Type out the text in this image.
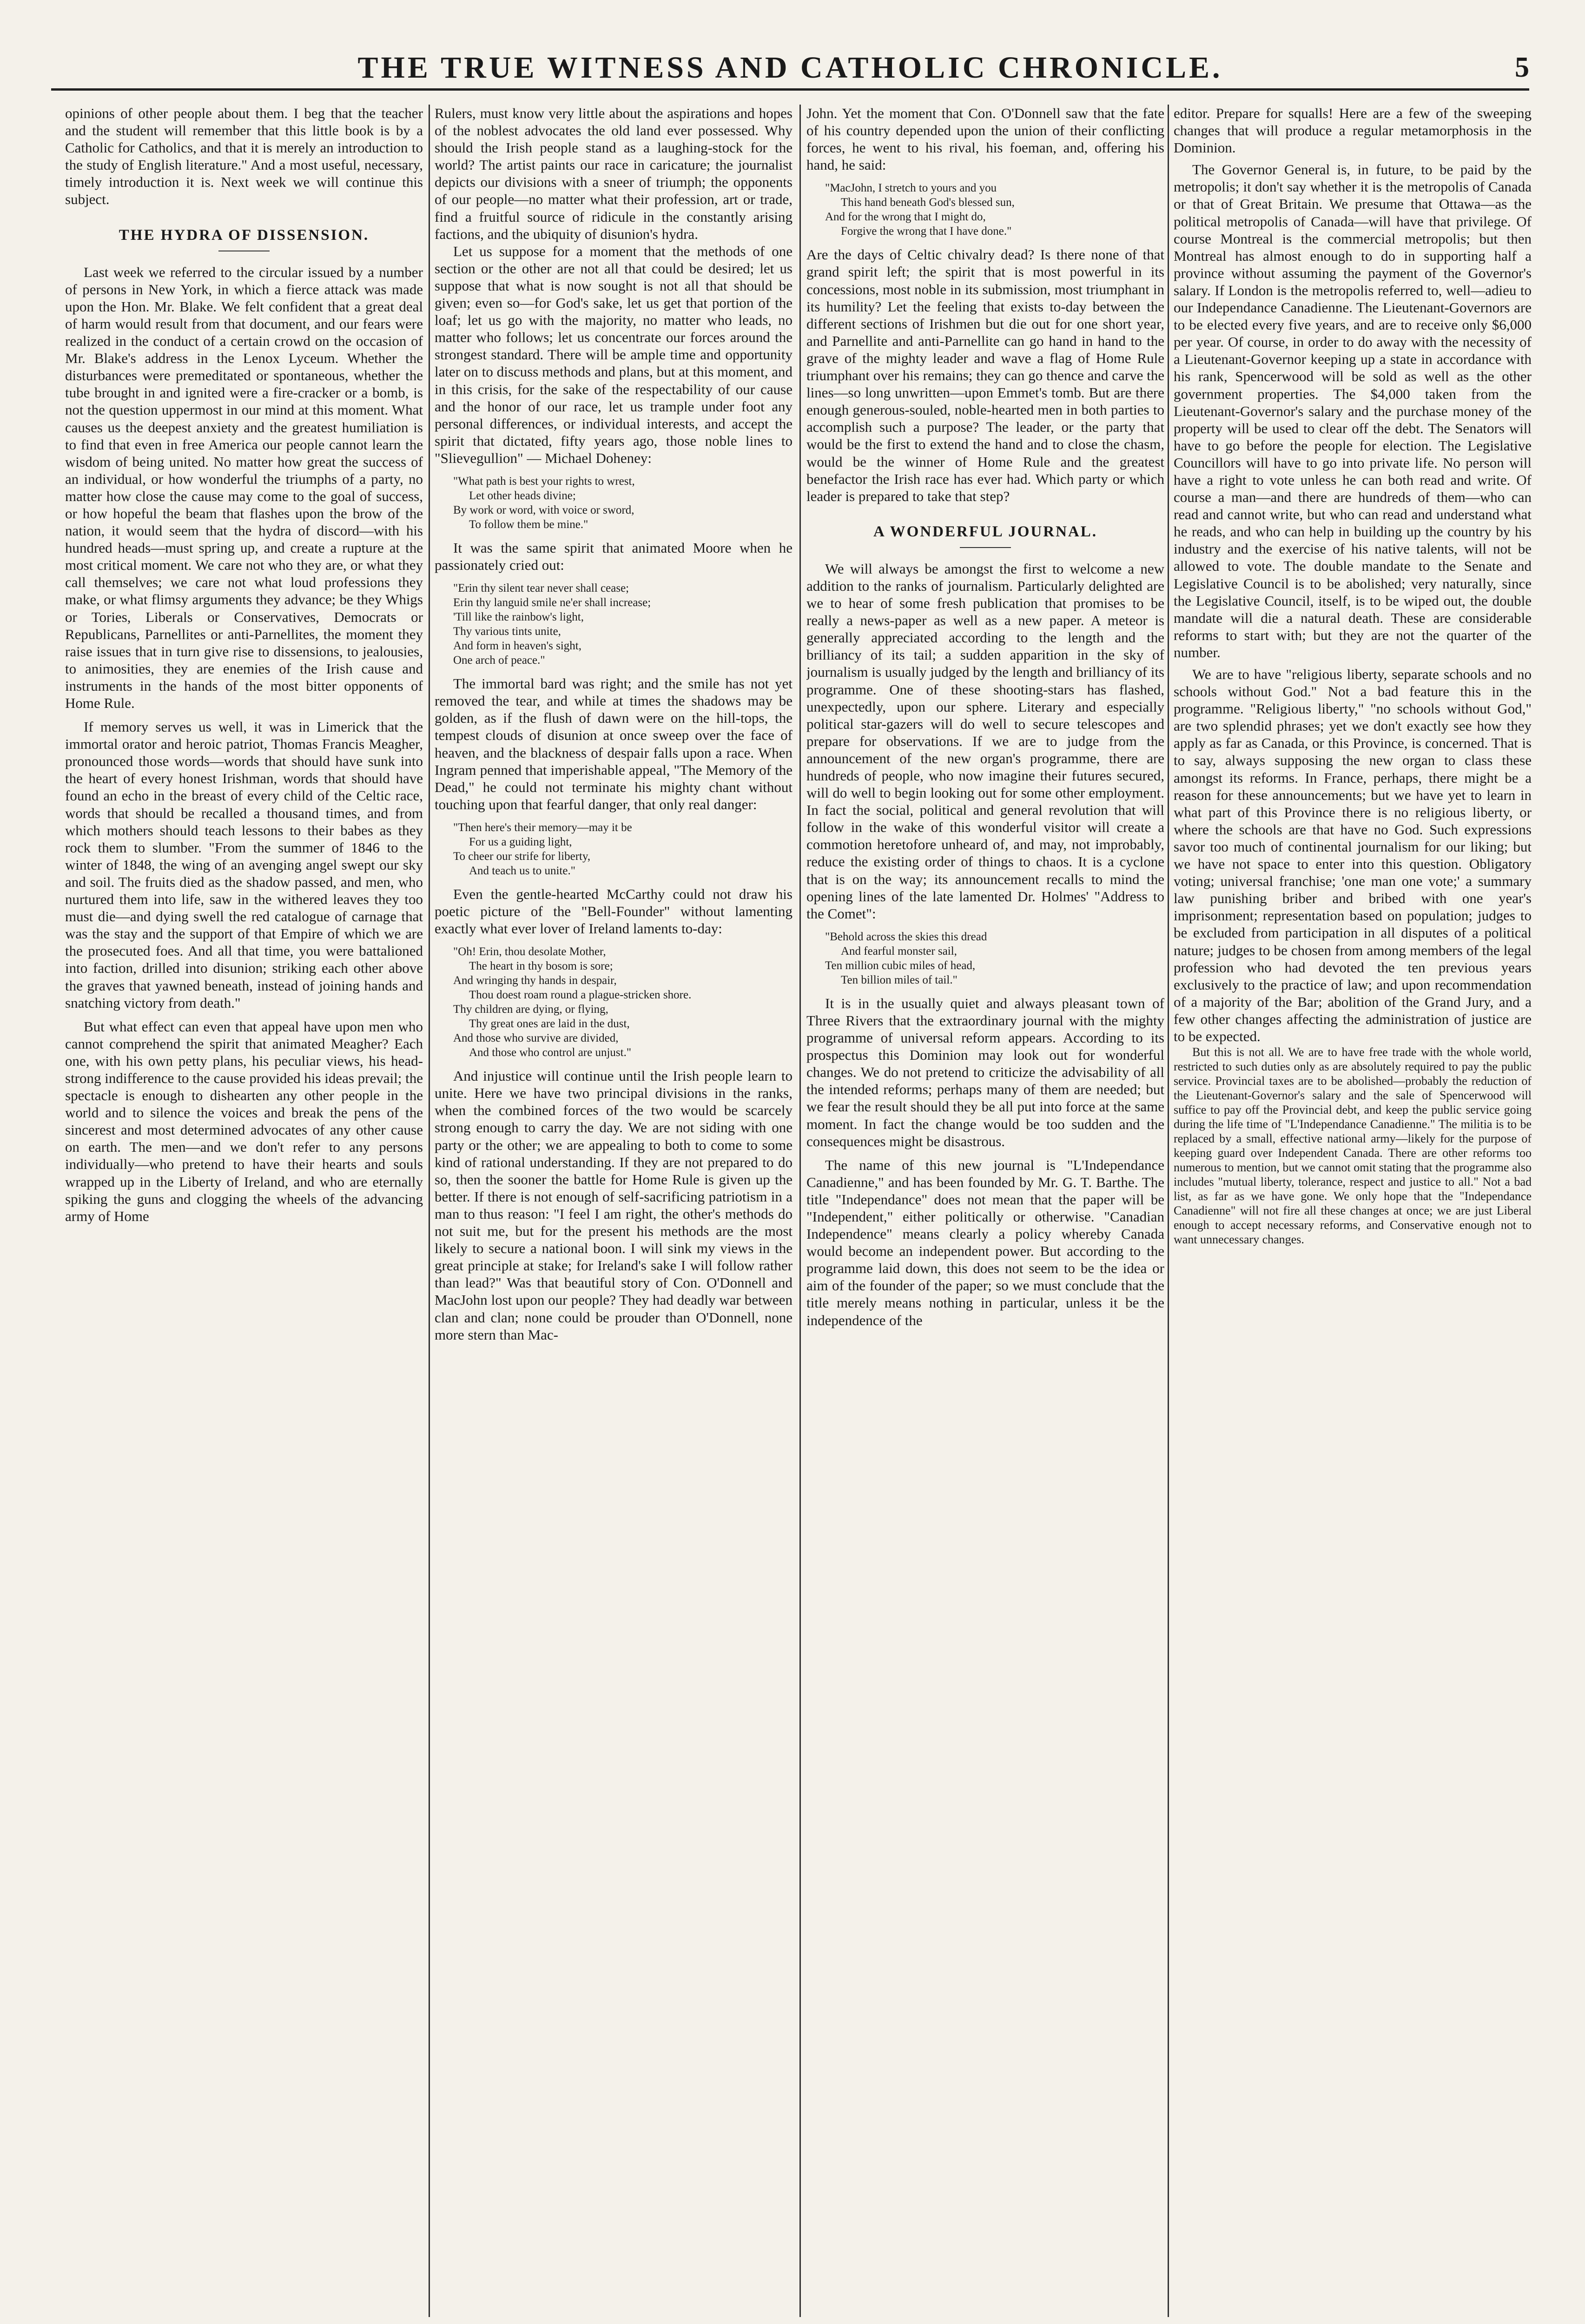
THE TRUE WITNESS AND CATHOLIC CHRONICLE.	5

opinions of other people about them. I beg that the teacher and the student will remember that this little book is by a Catholic for Catholics, and that it is merely an introduction to the study of English literature." And a most useful, necessary, timely introduction it is. Next week we will continue this subject.

THE HYDRA OF DISSENSION.

Last week we referred to the circular issued by a number of persons in New York, in which a fierce attack was made upon the Hon. Mr. Blake. We felt confident that a great deal of harm would result from that document, and our fears were realized in the conduct of a certain crowd on the occasion of Mr. Blake's address in the Lenox Lyceum. Whether the disturbances were premeditated or spontaneous, whether the tube brought in and ignited were a fire-cracker or a bomb, is not the question uppermost in our mind at this moment. What causes us the deepest anxiety and the greatest humiliation is to find that even in free America our people cannot learn the wisdom of being united. No matter how great the success of an individual, or how wonderful the triumphs of a party, no matter how close the cause may come to the goal of success, or how hopeful the beam that flashes upon the brow of the nation, it would seem that the hydra of discord—with his hundred heads—must spring up, and create a rupture at the most critical moment. We care not who they are, or what they call themselves; we care not what loud professions they make, or what flimsy arguments they advance; be they Whigs or Tories, Liberals or Conservatives, Democrats or Republicans, Parnellites or anti-Parnellites, the moment they raise issues that in turn give rise to dissensions, to jealousies, to animosities, they are enemies of the Irish cause and instruments in the hands of the most bitter opponents of Home Rule.

If memory serves us well, it was in Limerick that the immortal orator and heroic patriot, Thomas Francis Meagher, pronounced those words—words that should have sunk into the heart of every honest Irishman, words that should have found an echo in the breast of every child of the Celtic race, words that should be recalled a thousand times, and from which mothers should teach lessons to their babes as they rock them to slumber. "From the summer of 1846 to the winter of 1848, the wing of an avenging angel swept our sky and soil. The fruits died as the shadow passed, and men, who nurtured them into life, saw in the withered leaves they too must die—and dying swell the red catalogue of carnage that was the stay and the support of that Empire of which we are the prosecuted foes. And all that time, you were battalioned into faction, drilled into disunion; striking each other above the graves that yawned beneath, instead of joining hands and snatching victory from death."

But what effect can even that appeal have upon men who cannot comprehend the spirit that animated Meagher? Each one, with his own petty plans, his peculiar views, his head-strong indifference to the cause provided his ideas prevail; the spectacle is enough to dishearten any other people in the world and to silence the voices and break the pens of the sincerest and most determined advocates of any other cause on earth. The men—and we don't refer to any persons individually—who pretend to have their hearts and souls wrapped up in the Liberty of Ireland, and who are eternally spiking the guns and clogging the wheels of the advancing army of Home

Rulers, must know very little about the aspirations and hopes of the noblest advocates the old land ever possessed. Why should the Irish people stand as a laughing-stock for the world? The artist paints our race in caricature; the journalist depicts our divisions with a sneer of triumph; the opponents of our people—no matter what their profession, art or trade, find a fruitful source of ridicule in the constantly arising factions, and the ubiquity of disunion's hydra.

Let us suppose for a moment that the methods of one section or the other are not all that could be desired; let us suppose that what is now sought is not all that should be given; even so—for God's sake, let us get that portion of the loaf; let us go with the majority, no matter who leads, no matter who follows; let us concentrate our forces around the strongest standard. There will be ample time and opportunity later on to discuss methods and plans, but at this moment, and in this crisis, for the sake of the respectability of our cause and the honor of our race, let us trample under foot any personal differences, or individual interests, and accept the spirit that dictated, fifty years ago, those noble lines to "Slievegullion" — Michael Doheney:

"What path is best your rights to wrest,
Let other heads divine;
By work or word, with voice or sword,
To follow them be mine."

It was the same spirit that animated Moore when he passionately cried out:

"Erin thy silent tear never shall cease;
Erin thy languid smile ne'er shall increase;
'Till like the rainbow's light,
Thy various tints unite,
And form in heaven's sight,
One arch of peace."

The immortal bard was right; and the smile has not yet removed the tear, and while at times the shadows may be golden, as if the flush of dawn were on the hill-tops, the tempest clouds of disunion at once sweep over the face of heaven, and the blackness of despair falls upon a race. When Ingram penned that imperishable appeal, "The Memory of the Dead," he could not terminate his mighty chant without touching upon that fearful danger, that only real danger:

"Then here's their memory—may it be
For us a guiding light,
To cheer our strife for liberty,
And teach us to unite."

Even the gentle-hearted McCarthy could not draw his poetic picture of the "Bell-Founder" without lamenting exactly what ever lover of Ireland laments to-day:

"Oh! Erin, thou desolate Mother,
The heart in thy bosom is sore;
And wringing thy hands in despair,
Thou doest roam round a plague-stricken shore.
Thy children are dying, or flying,
Thy great ones are laid in the dust,
And those who survive are divided,
And those who control are unjust."

And injustice will continue until the Irish people learn to unite. Here we have two principal divisions in the ranks, when the combined forces of the two would be scarcely strong enough to carry the day. We are not siding with one party or the other; we are appealing to both to come to some kind of rational understanding. If they are not prepared to do so, then the sooner the battle for Home Rule is given up the better. If there is not enough of self-sacrificing patriotism in a man to thus reason: "I feel I am right, the other's methods do not suit me, but for the present his methods are the most likely to secure a national boon. I will sink my views in the great principle at stake; for Ireland's sake I will follow rather than lead?" Was that beautiful story of Con. O'Donnell and MacJohn lost upon our people? They had deadly war between clan and clan; none could be prouder than O'Donnell, none more stern than Mac-

John. Yet the moment that Con. O'Donnell saw that the fate of his country depended upon the union of their conflicting forces, he went to his rival, his foeman, and, offering his hand, he said:

"MacJohn, I stretch to yours and you
This hand beneath God's blessed sun,
And for the wrong that I might do,
Forgive the wrong that I have done."

Are the days of Celtic chivalry dead? Is there none of that grand spirit left; the spirit that is most powerful in its concessions, most noble in its submission, most triumphant in its humility? Let the feeling that exists to-day between the different sections of Irishmen but die out for one short year, and Parnellite and anti-Parnellite can go hand in hand to the grave of the mighty leader and wave a flag of Home Rule triumphant over his remains; they can go thence and carve the lines—so long unwritten—upon Emmet's tomb. But are there enough generous-souled, noble-hearted men in both parties to accomplish such a purpose? The leader, or the party that would be the first to extend the hand and to close the chasm, would be the winner of Home Rule and the greatest benefactor the Irish race has ever had. Which party or which leader is prepared to take that step?

A WONDERFUL JOURNAL.

We will always be amongst the first to welcome a new addition to the ranks of journalism. Particularly delighted are we to hear of some fresh publication that promises to be really a news-paper as well as a new paper. A meteor is generally appreciated according to the length and the brilliancy of its tail; a sudden apparition in the sky of journalism is usually judged by the length and brilliancy of its programme. One of these shooting-stars has flashed, unexpectedly, upon our sphere. Literary and especially political star-gazers will do well to secure telescopes and prepare for observations. If we are to judge from the announcement of the new organ's programme, there are hundreds of people, who now imagine their futures secured, will do well to begin looking out for some other employment. In fact the social, political and general revolution that will follow in the wake of this wonderful visitor will create a commotion heretofore unheard of, and may, not improbably, reduce the existing order of things to chaos. It is a cyclone that is on the way; its announcement recalls to mind the opening lines of the late lamented Dr. Holmes' "Address to the Comet":

"Behold across the skies this dread
And fearful monster sail,
Ten million cubic miles of head,
Ten billion miles of tail."

It is in the usually quiet and always pleasant town of Three Rivers that the extraordinary journal with the mighty programme of universal reform appears. According to its prospectus this Dominion may look out for wonderful changes. We do not pretend to criticize the advisability of all the intended reforms; perhaps many of them are needed; but we fear the result should they be all put into force at the same moment. In fact the change would be too sudden and the consequences might be disastrous.

The name of this new journal is "L'Independance Canadienne," and has been founded by Mr. G. T. Barthe. The title "Independance" does not mean that the paper will be "Independent," either politically or otherwise. "Canadian Independence" means clearly a policy whereby Canada would become an independent power. But according to the programme laid down, this does not seem to be the idea or aim of the founder of the paper; so we must conclude that the title merely means nothing in particular, unless it be the independence of the

editor. Prepare for squalls! Here are a few of the sweeping changes that will produce a regular metamorphosis in the Dominion.

The Governor General is, in future, to be paid by the metropolis; it don't say whether it is the metropolis of Canada or that of Great Britain. We presume that Ottawa—as the political metropolis of Canada—will have that privilege. Of course Montreal is the commercial metropolis; but then Montreal has almost enough to do in supporting half a province without assuming the payment of the Governor's salary. If London is the metropolis referred to, well—adieu to our Independance Canadienne. The Lieutenant-Governors are to be elected every five years, and are to receive only $6,000 per year. Of course, in order to do away with the necessity of a Lieutenant-Governor keeping up a state in accordance with his rank, Spencerwood will be sold as well as the other government properties. The $4,000 taken from the Lieutenant-Governor's salary and the purchase money of the property will be used to clear off the debt. The Senators will have to go before the people for election. The Legislative Councillors will have to go into private life. No person will have a right to vote unless he can both read and write. Of course a man—and there are hundreds of them—who can read and cannot write, but who can read and understand what he reads, and who can help in building up the country by his industry and the exercise of his native talents, will not be allowed to vote. The double mandate to the Senate and Legislative Council is to be abolished; very naturally, since the Legislative Council, itself, is to be wiped out, the double mandate will die a natural death. These are considerable reforms to start with; but they are not the quarter of the number.

We are to have "religious liberty, separate schools and no schools without God." Not a bad feature this in the programme. "Religious liberty," "no schools without God," are two splendid phrases; yet we don't exactly see how they apply as far as Canada, or this Province, is concerned. That is to say, always supposing the new organ to class these amongst its reforms. In France, perhaps, there might be a reason for these announcements; but we have yet to learn in what part of this Province there is no religious liberty, or where the schools are that have no God. Such expressions savor too much of continental journalism for our liking; but we have not space to enter into this question. Obligatory voting; universal franchise; 'one man one vote;' a summary law punishing briber and bribed with one year's imprisonment; representation based on population; judges to be excluded from participation in all disputes of a political nature; judges to be chosen from among members of the legal profession who had devoted the ten previous years exclusively to the practice of law; and upon recommendation of a majority of the Bar; abolition of the Grand Jury, and a few other changes affecting the administration of justice are to be expected.

But this is not all. We are to have free trade with the whole world, restricted to such duties only as are absolutely required to pay the public service. Provincial taxes are to be abolished—probably the reduction of the Lieutenant-Governor's salary and the sale of Spencerwood will suffice to pay off the Provincial debt, and keep the public service going during the life time of "L'Independance Canadienne." The militia is to be replaced by a small, effective national army—likely for the purpose of keeping guard over Independent Canada. There are other reforms too numerous to mention, but we cannot omit stating that the programme also includes "mutual liberty, tolerance, respect and justice to all." Not a bad list, as far as we have gone. We only hope that the "Independance Canadienne" will not fire all these changes at once; we are just Liberal enough to accept necessary reforms, and Conservative enough not to want unnecessary changes.
